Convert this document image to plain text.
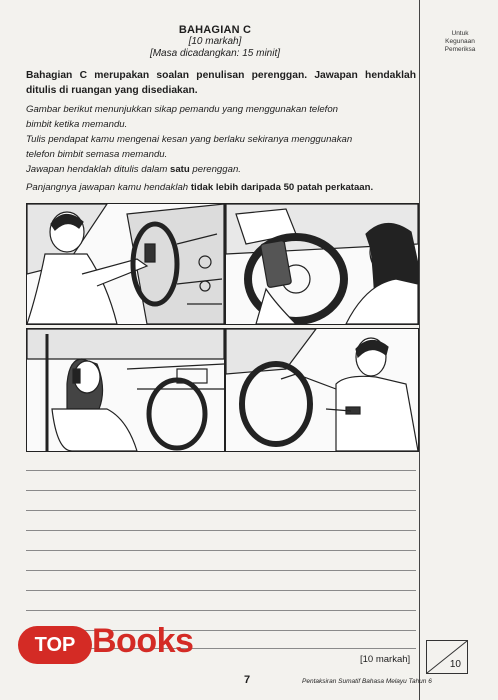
Untuk
Kegunaan
Pemeriksa
BAHAGIAN C
[10 markah]
[Masa dicadangkan: 15 minit]
Bahagian C merupakan soalan penulisan perenggan. Jawapan hendaklah ditulis di ruangan yang disediakan.
Gambar berikut menunjukkan sikap pemandu yang menggunakan telefon
bimbit ketika memandu.
Tulis pendapat kamu mengenai kesan yang berlaku sekiranya menggunakan
telefon bimbit semasa memandu.
Jawapan hendaklah ditulis dalam satu perenggan.
Panjangnya jawapan kamu hendaklah tidak lebih daripada 50 patah perkataan.
TOP Books	[10 markah]	10
7	Pentaksiran Sumatif Bahasa Melayu Tahun 6
